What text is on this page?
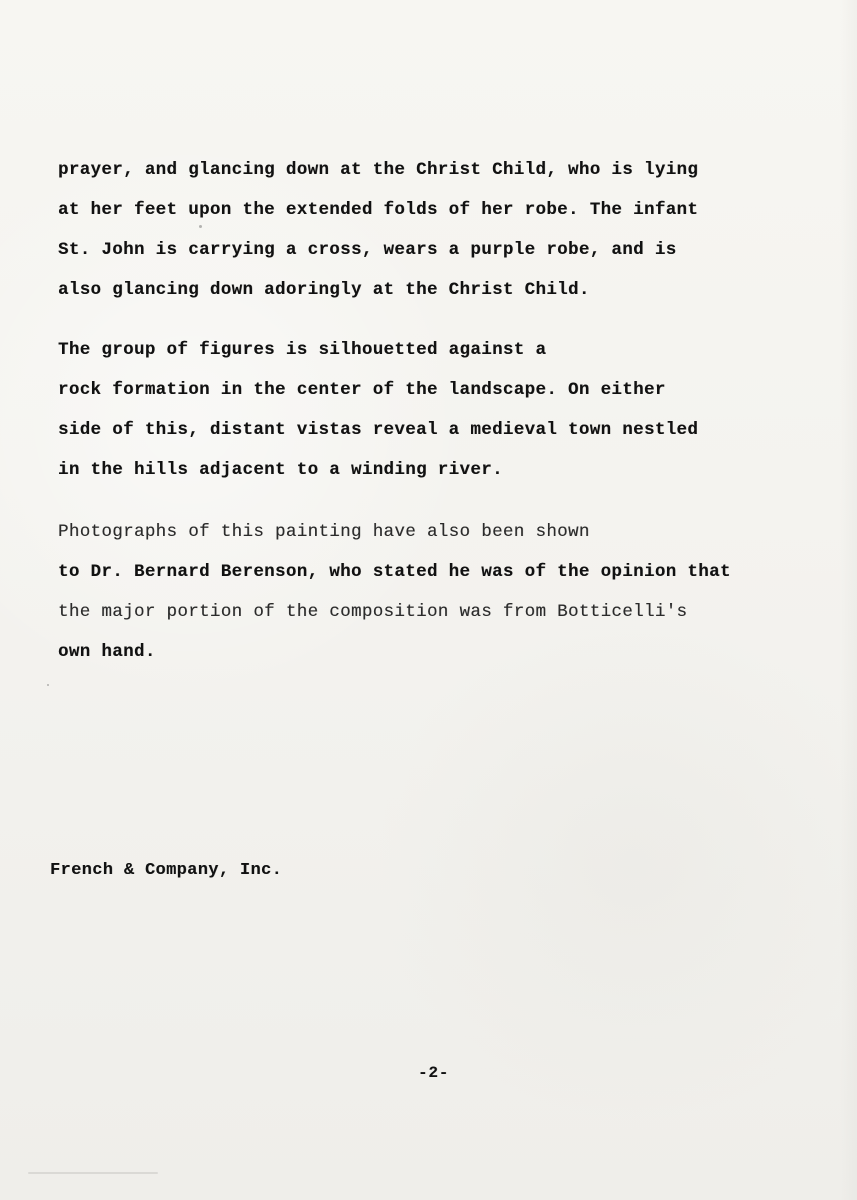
prayer, and glancing down at the Christ Child, who is lying
at her feet upon the extended folds of her robe. The infant
St. John is carrying a cross, wears a purple robe, and is
also glancing down adoringly at the Christ Child.
The group of figures is silhouetted against a
rock formation in the center of the landscape. On either
side of this, distant vistas reveal a medieval town nestled
in the hills adjacent to a winding river.
Photographs of this painting have also been shown
to Dr. Bernard Berenson, who stated he was of the opinion that
the major portion of the composition was from Botticelli's
own hand.
French & Company, Inc.
-2-
